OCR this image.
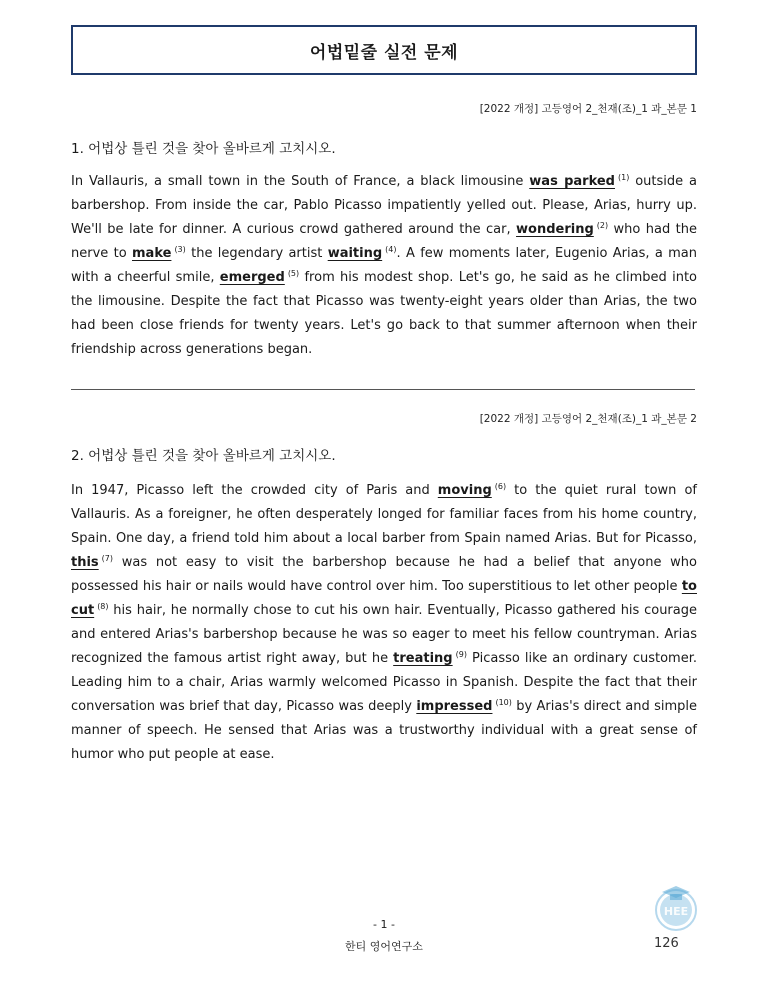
어법밑줄 실전 문제
[2022 개정] 고등영어 2_천재(조)_1 과_본문 1
1. 어법상 틀린 것을 찾아 올바르게 고치시오.

In Vallauris, a small town in the South of France, a black limousine was parked $^{(1)}$ outside a barbershop. From inside the car, Pablo Picasso impatiently yelled out. Please, Arias, hurry up. We'll be late for dinner. A curious crowd gathered around the car, wondering $^{(2)}$ who had the nerve to make $^{(3)}$ the legendary artist waiting $^{(4)}$. A few moments later, Eugenio Arias, a man with a cheerful smile, emerged $^{(5)}$ from his modest shop. Let's go, he said as he climbed into the limousine. Despite the fact that Picasso was twenty-eight years older than Arias, the two had been close friends for twenty years. Let's go back to that summer afternoon when their friendship across generations began.

[2022 개정] 고등영어 2_천재(조)_1 과_본문 2
2. 어법상 틀린 것을 찾아 올바르게 고치시오.

In 1947, Picasso left the crowded city of Paris and moving $^{(6)}$ to the quiet rural town of Vallauris. As a foreigner, he often desperately longed for familiar faces from his home country, Spain. One day, a friend told him about a local barber from Spain named Arias. But for Picasso, this $^{(7)}$ was not easy to visit the barbershop because he had a belief that anyone who possessed his hair or nails would have control over him. Too superstitious to let other people to cut $^{(8)}$ his hair, he normally chose to cut his own hair. Eventually, Picasso gathered his courage and entered Arias's barbershop because he was so eager to meet his fellow countryman. Arias recognized the famous artist right away, but he treating $^{(9)}$ Picasso like an ordinary customer. Leading him to a chair, Arias warmly welcomed Picasso in Spanish. Despite the fact that their conversation was brief that day, Picasso was deeply impressed $^{(10)}$ by Arias's direct and simple manner of speech. He sensed that Arias was a trustworthy individual with a great sense of humor who put people at ease.

- 1 -
한티 영어연구소	126
HEE
